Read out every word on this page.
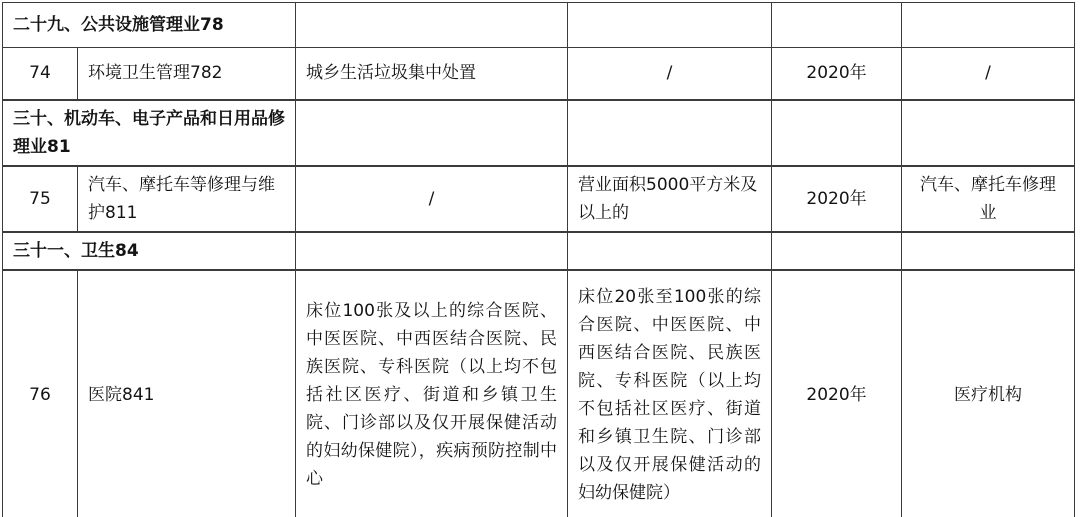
二十九、公共设施管理业78					
74	环境卫生管理782	城乡生活垃圾集中处置	/	2020年	/
三十、机动车、电子产品和日用品修理业81					
75	汽车、摩托车等修理与维护811	/	营业面积5000平方米及以上的	2020年	汽车、摩托车修理业
三十一、卫生84					
76	医院841	床位100张及以上的综合医院、中医医院、中西医结合医院、民族医院、专科医院（以上均不包括社区医疗、街道和乡镇卫生院、门诊部以及仅开展保健活动的妇幼保健院），疾病预防控制中心	床位20张至100张的综合医院、中医医院、中西医结合医院、民族医院、专科医院（以上均不包括社区医疗、街道和乡镇卫生院、门诊部以及仅开展保健活动的妇幼保健院）	2020年	医疗机构
